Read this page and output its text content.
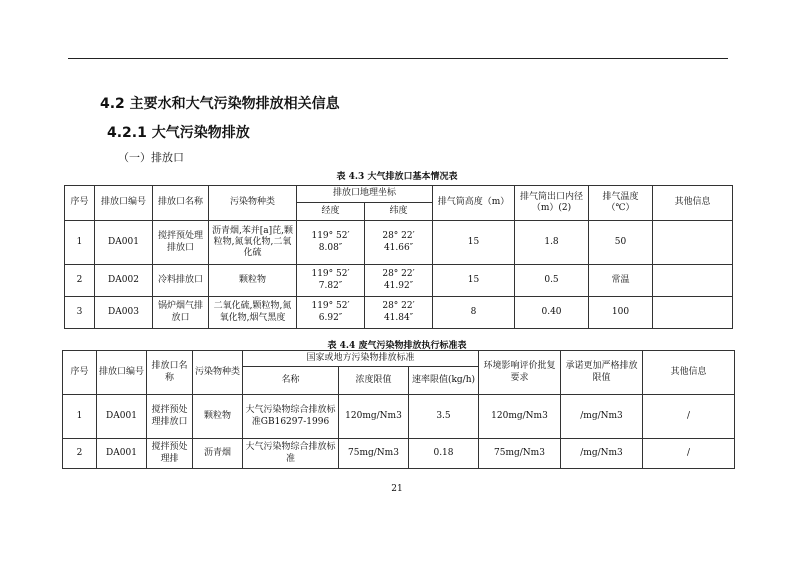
4.2 主要水和大气污染物排放相关信息
4.2.1 大气污染物排放
（一）排放口
表 4.3 大气排放口基本情况表
序号	排放口编号	排放口名称	污染物种类	排放口地理坐标		排气筒高度（m）	排气筒出口内径（m）(2)	排气温度（℃）	其他信息
				经度	纬度				
1	DA001	搅拌预处理排放口	沥青烟,苯并[a]芘,颗粒物,氮氧化物,二氧化硫	119° 52′ 8.08″	28° 22′ 41.66″	15	1.8	50	
2	DA002	冷料排放口	颗粒物	119° 52′ 7.82″	28° 22′ 41.92″	15	0.5	常温	
3	DA003	锅炉烟气排放口	二氧化硫,颗粒物,氮氧化物,烟气黑度	119° 52′ 6.92″	28° 22′ 41.84″	8	0.40	100	
表 4.4 废气污染物排放执行标准表
序号	排放口编号	排放口名称	污染物种类	国家或地方污染物排放标准			环境影响评价批复要求	承诺更加严格排放限值	其他信息
				名称	浓度限值	速率限值(kg/h)			
1	DA001	搅拌预处理排放口	颗粒物	大气污染物综合排放标准GB16297-1996	120mg/Nm3	3.5	120mg/Nm3	/mg/Nm3	/
2	DA001	搅拌预处理排	沥青烟	大气污染物综合排放标准	75mg/Nm3	0.18	75mg/Nm3	/mg/Nm3	/
21
